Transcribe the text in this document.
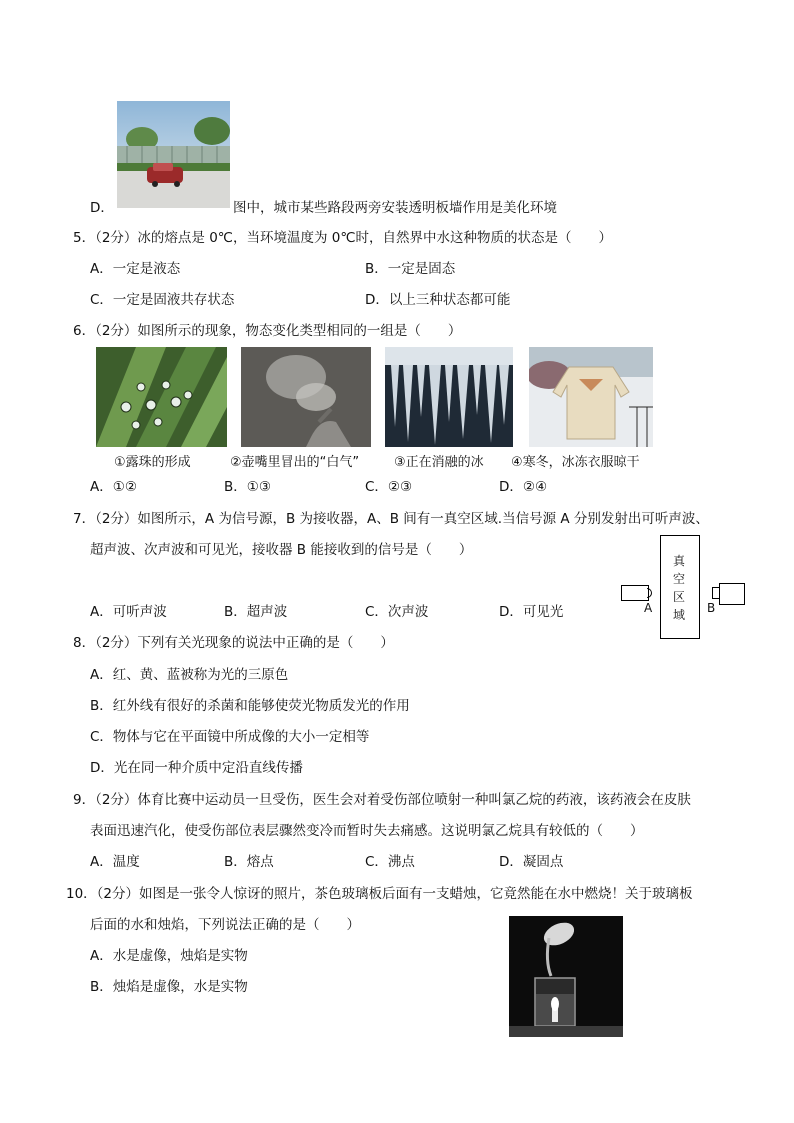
D．	图中，城市某些路段两旁安装透明板墙作用是美化环境
5．（2分）冰的熔点是 0℃，当环境温度为 0℃时，自然界中水这种物质的状态是（　　）
A．一定是液态	B．一定是固态
C．一定是固液共存状态	D．以上三种状态都可能
6．（2分）如图所示的现象，物态变化类型相同的一组是（　　）
①露珠的形成	②壶嘴里冒出的“白气”	③正在消融的冰 ④寒冬，冰冻衣服晾干
A．①②	B．①③	C．②③	D．②④
7．（2分）如图所示，A 为信号源，B 为接收器，A、B 间有一真空区域.当信号源 A 分别发射出可听声波、
超声波、次声波和可见光，接收器 B 能接收到的信号是（　　）
A．可听声波	B．超声波	C．次声波	D．可见光
真
空
区
域
A	B
8．（2分）下列有关光现象的说法中正确的是（　　）
A．红、黄、蓝被称为光的三原色
B．红外线有很好的杀菌和能够使荧光物质发光的作用
C．物体与它在平面镜中所成像的大小一定相等
D．光在同一种介质中定沿直线传播
9．（2分）体育比赛中运动员一旦受伤，医生会对着受伤部位喷射一种叫氯乙烷的药液，该药液会在皮肤
表面迅速汽化，使受伤部位表层骤然变冷而暂时失去痛感。这说明氯乙烷具有较低的（　　）
A．温度	B．熔点	C．沸点	D．凝固点
10．（2分）如图是一张令人惊讶的照片，茶色玻璃板后面有一支蜡烛，它竟然能在水中燃烧！关于玻璃板
后面的水和烛焰，下列说法正确的是（　　）
A．水是虚像，烛焰是实物
B．烛焰是虚像，水是实物
